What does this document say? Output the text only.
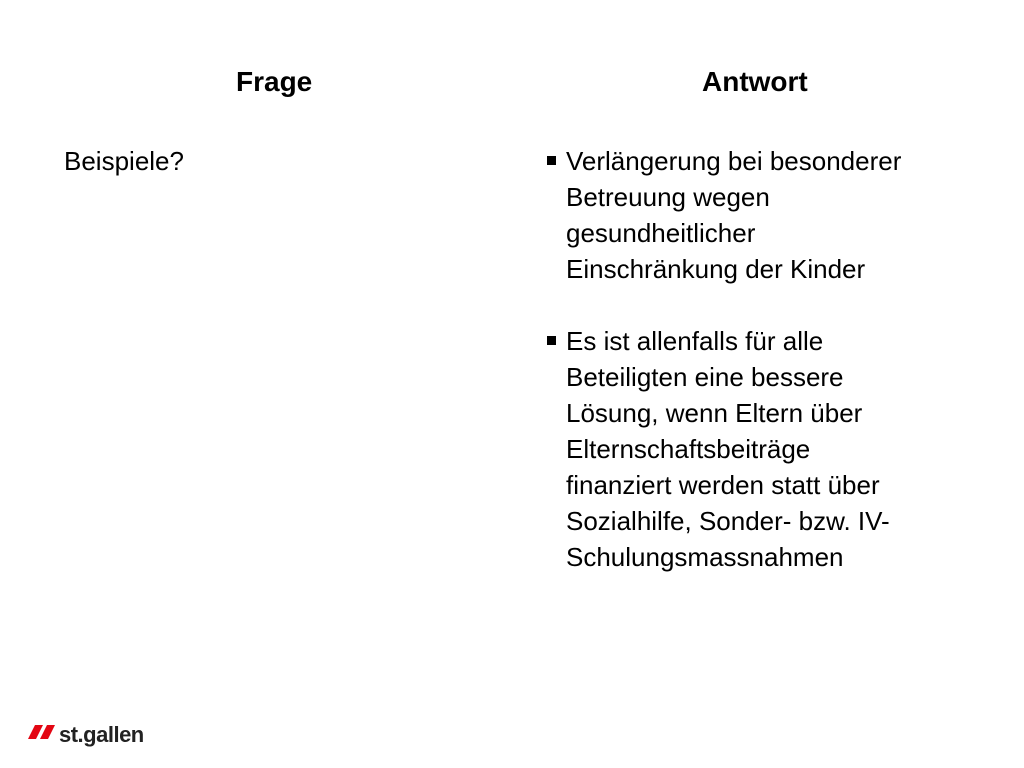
Frage	Antwort
Beispiele?	Verlängerung bei besonderer
Betreuung wegen
gesundheitlicher
Einschränkung der Kinder
Es ist allenfalls für alle
Beteiligten eine bessere
Lösung, wenn Eltern über
Elternschaftsbeiträge
finanziert werden statt über
Sozialhilfe, Sonder- bzw. IV-
Schulungsmassnahmen
st.gallen
